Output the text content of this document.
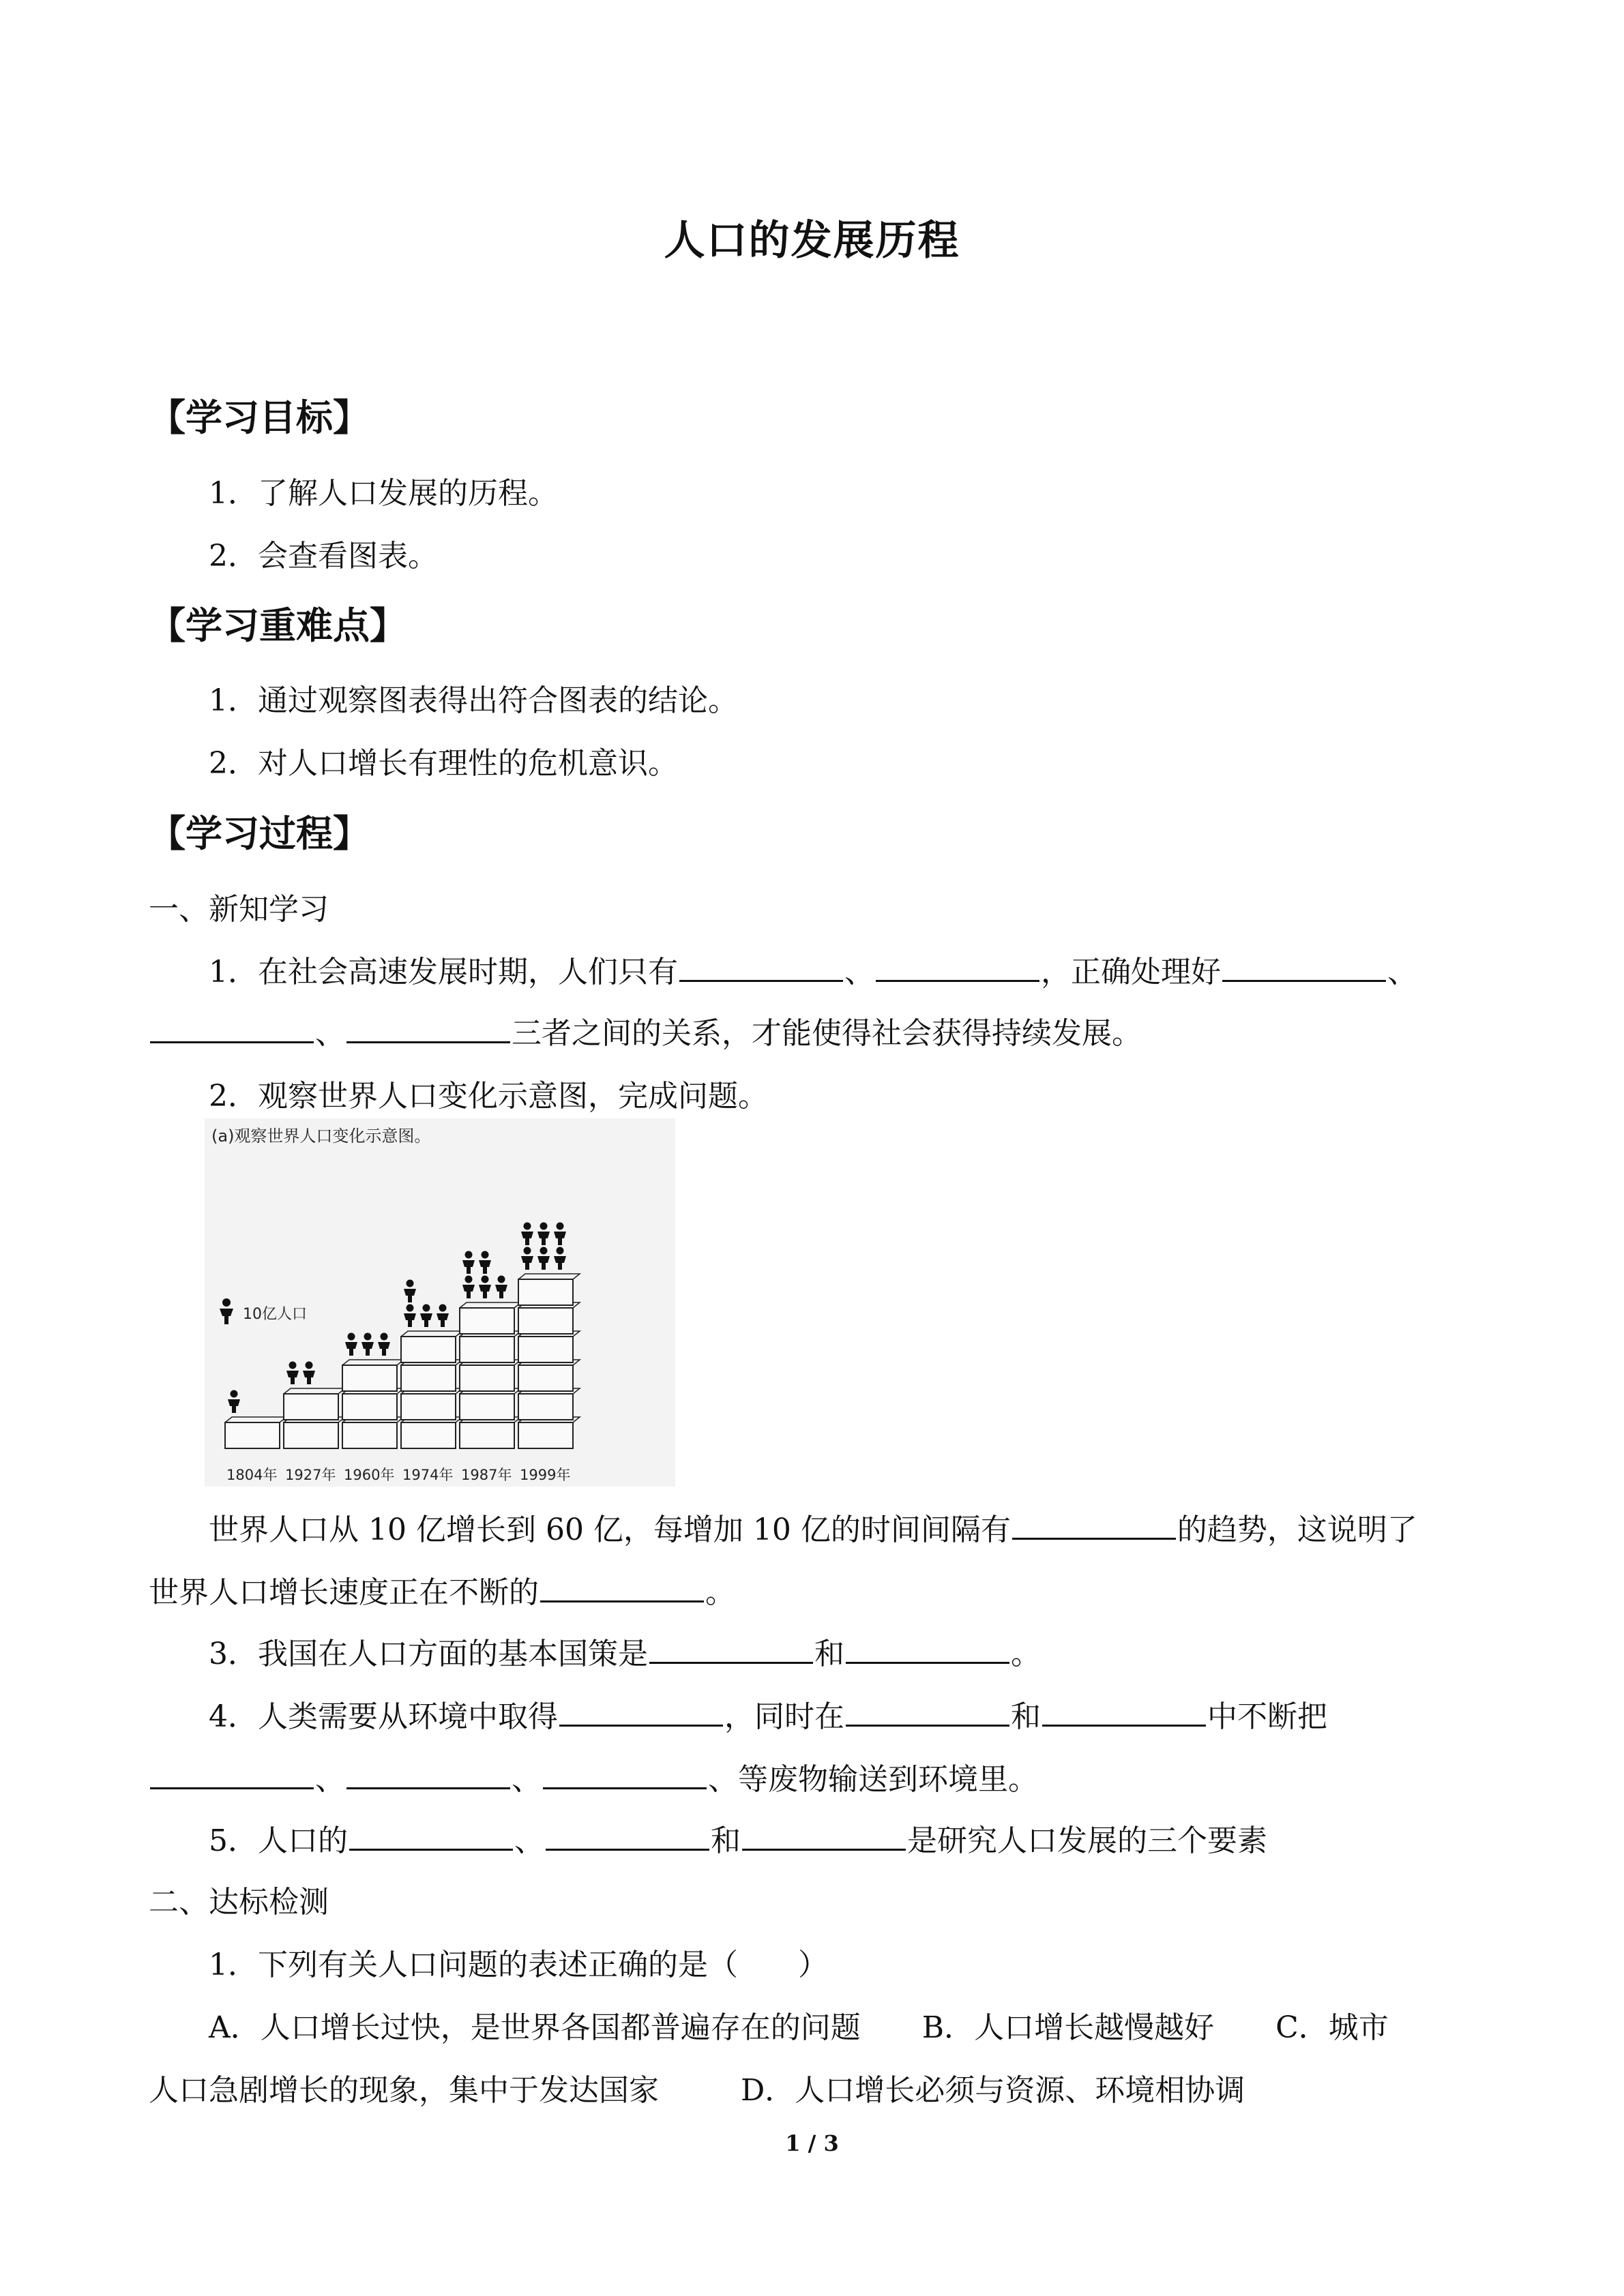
人口的发展历程
【学习目标】
1．了解人口发展的历程。
2．会查看图表。
【学习重难点】
1．通过观察图表得出符合图表的结论。
2．对人口增长有理性的危机意识。
【学习过程】
一、新知学习
1．在社会高速发展时期，人们只有	、	，正确处理好	、
、	三者之间的关系，才能使得社会获得持续发展。
2．观察世界人口变化示意图，完成问题。
(a)观察世界人口变化示意图。
10亿人口
1804年 1927年 1960年 1974年 1987年 1999年
世界人口从 10 亿增长到 60 亿，每增加 10 亿的时间间隔有	的趋势，这说明了
世界人口增长速度正在不断的	。
3．我国在人口方面的基本国策是	和	。
4．人类需要从环境中取得	，同时在	和	中不断把
、	、	、等废物输送到环境里。
5．人口的	、	和	是研究人口发展的三个要素
二、达标检测
1．下列有关人口问题的表述正确的是（　　）
A．人口增长过快，是世界各国都普遍存在的问题 B．人口增长越慢越好 C．城市
人口急剧增长的现象，集中于发达国家	D．人口增长必须与资源、环境相协调
1 / 3
